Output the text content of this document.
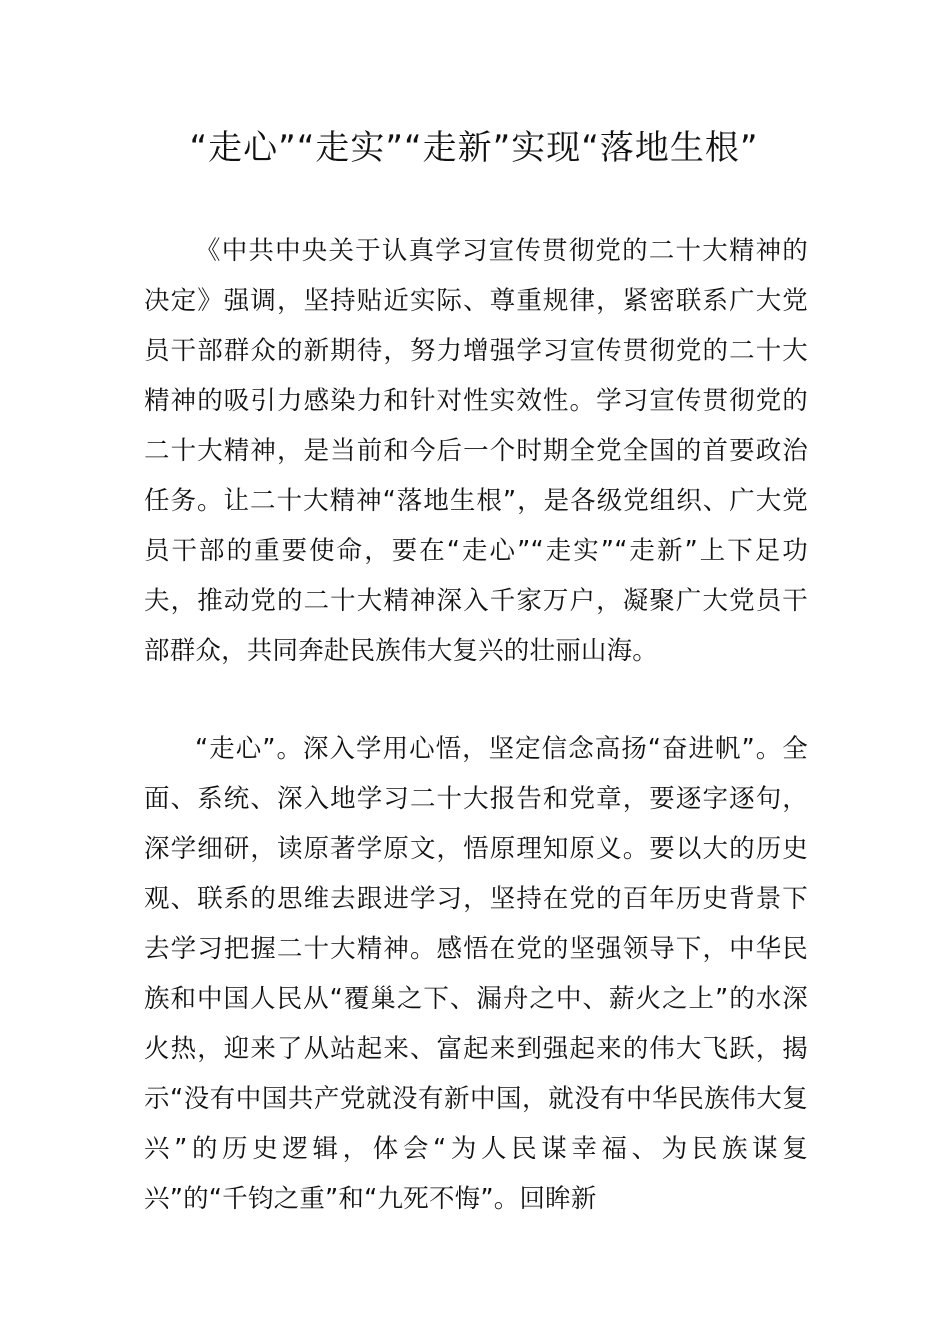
“走心”“走实”“走新”实现“落地生根”

《中共中央关于认真学习宣传贯彻党的二十大精神的决定》强调，坚持贴近实际、尊重规律，紧密联系广大党员干部群众的新期待，努力增强学习宣传贯彻党的二十大精神的吸引力感染力和针对性实效性。学习宣传贯彻党的二十大精神，是当前和今后一个时期全党全国的首要政治任务。让二十大精神“落地生根”，是各级党组织、广大党员干部的重要使命，要在“走心”“走实”“走新”上下足功夫，推动党的二十大精神深入千家万户，凝聚广大党员干部群众，共同奔赴民族伟大复兴的壮丽山海。

“走心”。深入学用心悟，坚定信念高扬“奋进帆”。全面、系统、深入地学习二十大报告和党章，要逐字逐句，深学细研，读原著学原文，悟原理知原义。要以大的历史观、联系的思维去跟进学习，坚持在党的百年历史背景下去学习把握二十大精神。感悟在党的坚强领导下，中华民族和中国人民从“覆巢之下、漏舟之中、薪火之上”的水深火热，迎来了从站起来、富起来到强起来的伟大飞跃，揭示“没有中国共产党就没有新中国，就没有中华民族伟大复兴”的历史逻辑，体会“为人民谋幸福、为民族谋复兴”的“千钧之重”和“九死不悔”。回眸新
